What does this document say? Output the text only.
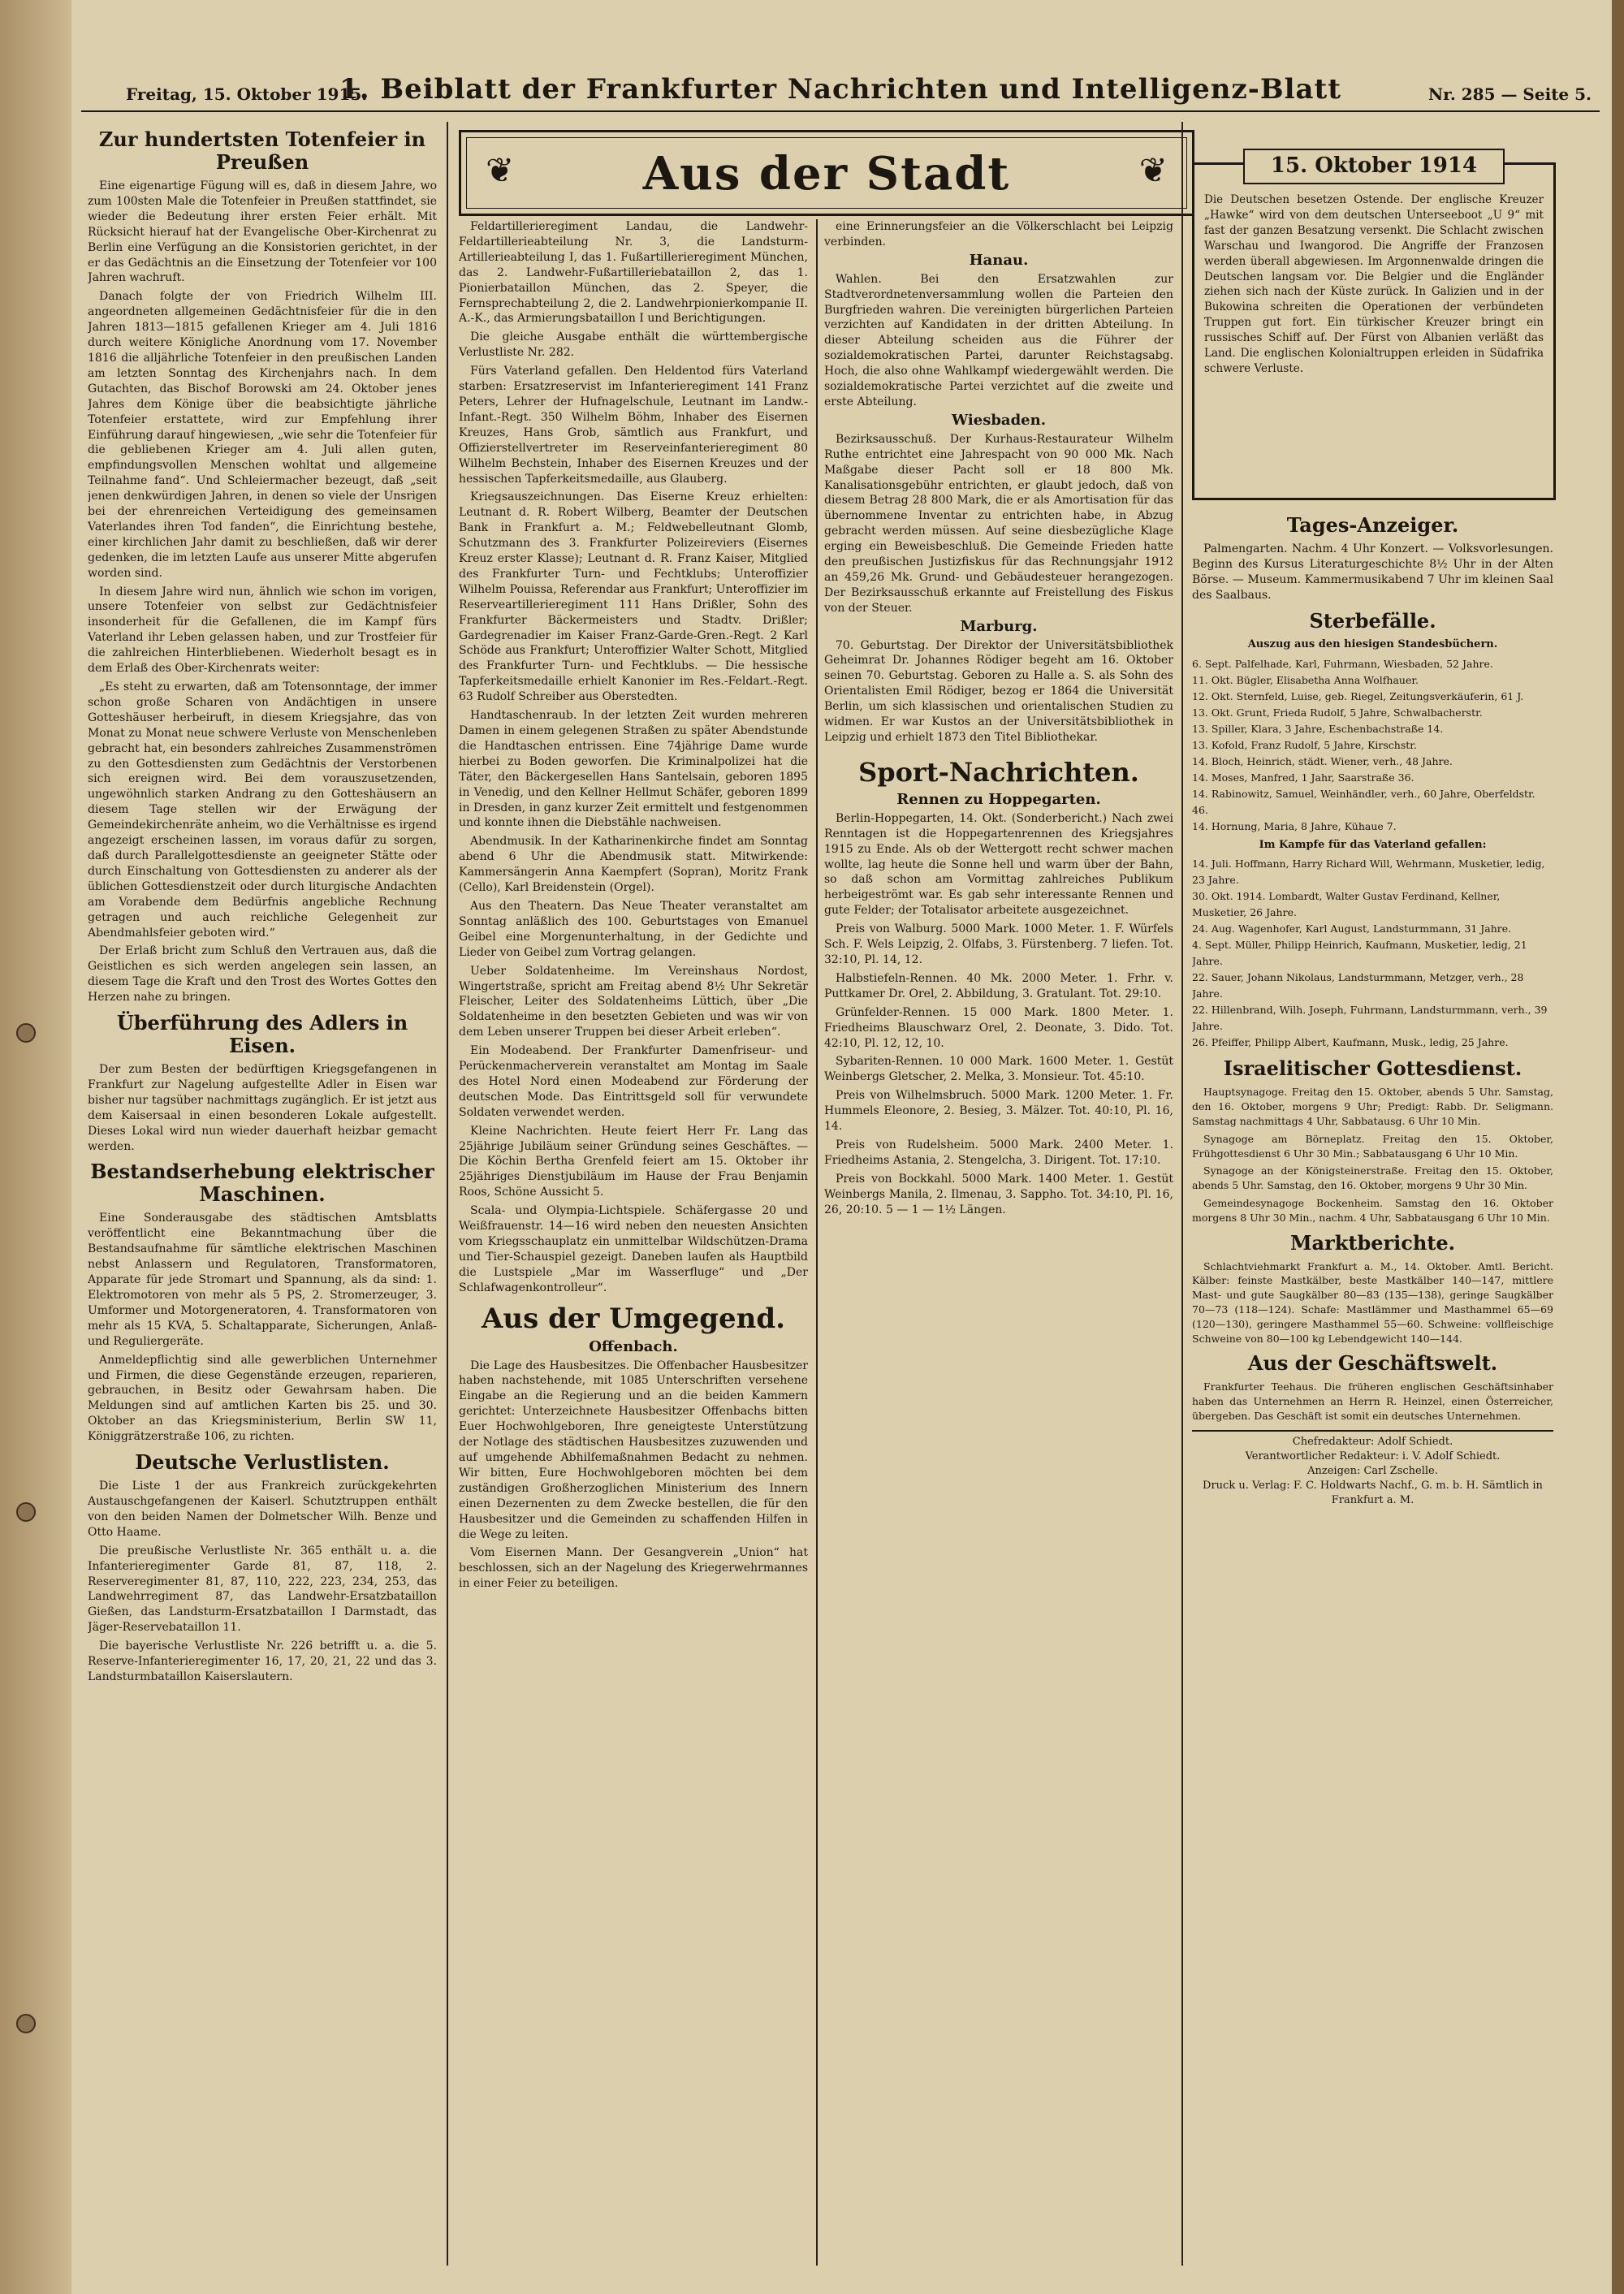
Freitag, 15. Oktober 1915.
1. Beiblatt der Frankfurter Nachrichten und Intelligenz-Blatt	Nr. 285 — Seite 5.
❦	Aus der Stadt	❦
Zur hundertsten Totenfeier in Preußen

Eine eigenartige Fügung will es, daß in diesem Jahre, wo zum 100sten Male die Totenfeier in Preußen stattfindet, sie wieder die Bedeutung ihrer ersten Feier erhält. Mit Rücksicht hierauf hat der Evangelische Ober-Kirchenrat zu Berlin eine Verfügung an die Konsistorien gerichtet, in der er das Gedächtnis an die Einsetzung der Totenfeier vor 100 Jahren wachruft.

Danach folgte der von Friedrich Wilhelm III. angeordneten allgemeinen Gedächtnisfeier für die in den Jahren 1813—1815 gefallenen Krieger am 4. Juli 1816 durch weitere Königliche Anordnung vom 17. November 1816 die alljährliche Totenfeier in den preußischen Landen am letzten Sonntag des Kirchenjahrs nach. In dem Gutachten, das Bischof Borowski am 24. Oktober jenes Jahres dem Könige über die beabsichtigte jährliche Totenfeier erstattete, wird zur Empfehlung ihrer Einführung darauf hingewiesen, „wie sehr die Totenfeier für die gebliebenen Krieger am 4. Juli allen guten, empfindungsvollen Menschen wohltat und allgemeine Teilnahme fand“. Und Schleiermacher bezeugt, daß „seit jenen denkwürdigen Jahren, in denen so viele der Unsrigen bei der ehrenreichen Verteidigung des gemeinsamen Vaterlandes ihren Tod fanden“, die Einrichtung bestehe, einer kirchlichen Jahr damit zu beschließen, daß wir derer gedenken, die im letzten Laufe aus unserer Mitte abgerufen worden sind.

In diesem Jahre wird nun, ähnlich wie schon im vorigen, unsere Totenfeier von selbst zur Gedächtnisfeier insonderheit für die Gefallenen, die im Kampf fürs Vaterland ihr Leben gelassen haben, und zur Trostfeier für die zahlreichen Hinterbliebenen. Wiederholt besagt es in dem Erlaß des Ober-Kirchenrats weiter:

„Es steht zu erwarten, daß am Totensonntage, der immer schon große Scharen von Andächtigen in unsere Gotteshäuser herbeiruft, in diesem Kriegsjahre, das von Monat zu Monat neue schwere Verluste von Menschenleben gebracht hat, ein besonders zahlreiches Zusammenströmen zu den Gottesdiensten zum Gedächtnis der Verstorbenen sich ereignen wird. Bei dem vorauszusetzenden, ungewöhnlich starken Andrang zu den Gotteshäusern an diesem Tage stellen wir der Erwägung der Gemeindekirchenräte anheim, wo die Verhältnisse es irgend angezeigt erscheinen lassen, im voraus dafür zu sorgen, daß durch Parallelgottesdienste an geeigneter Stätte oder durch Einschaltung von Gottesdiensten zu anderer als der üblichen Gottesdienstzeit oder durch liturgische Andachten am Vorabende dem Bedürfnis angebliche Rechnung getragen und auch reichliche Gelegenheit zur Abendmahlsfeier geboten wird.“

Der Erlaß bricht zum Schluß den Vertrauen aus, daß die Geistlichen es sich werden angelegen sein lassen, an diesem Tage die Kraft und den Trost des Wortes Gottes den Herzen nahe zu bringen.

Überführung des Adlers in Eisen.

Der zum Besten der bedürftigen Kriegsgefangenen in Frankfurt zur Nagelung aufgestellte Adler in Eisen war bisher nur tagsüber nachmittags zugänglich. Er ist jetzt aus dem Kaisersaal in einen besonderen Lokale aufgestellt. Dieses Lokal wird nun wieder dauerhaft heizbar gemacht werden.

Bestandserhebung elektrischer Maschinen.

Eine Sonderausgabe des städtischen Amtsblatts veröffentlicht eine Bekanntmachung über die Bestandsaufnahme für sämtliche elektrischen Maschinen nebst Anlassern und Regulatoren, Transformatoren, Apparate für jede Stromart und Spannung, als da sind: 1. Elektromotoren von mehr als 5 PS, 2. Stromerzeuger, 3. Umformer und Motorgeneratoren, 4. Transformatoren von mehr als 15 KVA, 5. Schaltapparate, Sicherungen, Anlaß- und Reguliergeräte.

Anmeldepflichtig sind alle gewerblichen Unternehmer und Firmen, die diese Gegenstände erzeugen, reparieren, gebrauchen, in Besitz oder Gewahrsam haben. Die Meldungen sind auf amtlichen Karten bis 25. und 30. Oktober an das Kriegsministerium, Berlin SW 11, Königgrätzerstraße 106, zu richten.

Deutsche Verlustlisten.

Die Liste 1 der aus Frankreich zurückgekehrten Austauschgefangenen der Kaiserl. Schutztruppen enthält von den beiden Namen der Dolmetscher Wilh. Benze und Otto Haame.

Die preußische Verlustliste Nr. 365 enthält u. a. die Infanterieregimenter Garde 81, 87, 118, 2. Reserveregimenter 81, 87, 110, 222, 223, 234, 253, das Landwehrregiment 87, das Landwehr-Ersatzbataillon Gießen, das Landsturm-Ersatzbataillon I Darmstadt, das Jäger-Reservebataillon 11.

Die bayerische Verlustliste Nr. 226 betrifft u. a. die 5. Reserve-Infanterieregimenter 16, 17, 20, 21, 22 und das 3. Landsturmbataillon Kaiserslautern.

Feldartillerieregiment Landau, die Landwehr-Feldartillerieabteilung Nr. 3, die Landsturm-Artillerieabteilung I, das 1. Fußartillerieregiment München, das 2. Landwehr-Fußartilleriebataillon 2, das 1. Pionierbataillon München, das 2. Speyer, die Fernsprechabteilung 2, die 2. Landwehrpionierkompanie II. A.-K., das Armierungsbataillon I und Berichtigungen.

Die gleiche Ausgabe enthält die württembergische Verlustliste Nr. 282.

Fürs Vaterland gefallen. Den Heldentod fürs Vaterland starben: Ersatzreservist im Infanterieregiment 141 Franz Peters, Lehrer der Hufnagelschule, Leutnant im Landw.-Infant.-Regt. 350 Wilhelm Böhm, Inhaber des Eisernen Kreuzes, Hans Grob, sämtlich aus Frankfurt, und Offizierstellvertreter im Reserveinfanterieregiment 80 Wilhelm Bechstein, Inhaber des Eisernen Kreuzes und der hessischen Tapferkeitsmedaille, aus Glauberg.

Kriegsauszeichnungen. Das Eiserne Kreuz erhielten: Leutnant d. R. Robert Wilberg, Beamter der Deutschen Bank in Frankfurt a. M.; Feldwebelleutnant Glomb, Schutzmann des 3. Frankfurter Polizeireviers (Eisernes Kreuz erster Klasse); Leutnant d. R. Franz Kaiser, Mitglied des Frankfurter Turn- und Fechtklubs; Unteroffizier Wilhelm Pouissa, Referendar aus Frankfurt; Unteroffizier im Reserveartillerieregiment 111 Hans Drißler, Sohn des Frankfurter Bäckermeisters und Stadtv. Drißler; Gardegrenadier im Kaiser Franz-Garde-Gren.-Regt. 2 Karl Schöde aus Frankfurt; Unteroffizier Walter Schott, Mitglied des Frankfurter Turn- und Fechtklubs. — Die hessische Tapferkeitsmedaille erhielt Kanonier im Res.-Feldart.-Regt. 63 Rudolf Schreiber aus Oberstedten.

Handtaschenraub. In der letzten Zeit wurden mehreren Damen in einem gelegenen Straßen zu später Abendstunde die Handtaschen entrissen. Eine 74jährige Dame wurde hierbei zu Boden geworfen. Die Kriminalpolizei hat die Täter, den Bäckergesellen Hans Santelsain, geboren 1895 in Venedig, und den Kellner Hellmut Schäfer, geboren 1899 in Dresden, in ganz kurzer Zeit ermittelt und festgenommen und konnte ihnen die Diebstähle nachweisen.

Abendmusik. In der Katharinenkirche findet am Sonntag abend 6 Uhr die Abendmusik statt. Mitwirkende: Kammersängerin Anna Kaempfert (Sopran), Moritz Frank (Cello), Karl Breidenstein (Orgel).

Aus den Theatern. Das Neue Theater veranstaltet am Sonntag anläßlich des 100. Geburtstages von Emanuel Geibel eine Morgenunterhaltung, in der Gedichte und Lieder von Geibel zum Vortrag gelangen.

Ueber Soldatenheime. Im Vereinshaus Nordost, Wingertstraße, spricht am Freitag abend 8½ Uhr Sekretär Fleischer, Leiter des Soldatenheims Lüttich, über „Die Soldatenheime in den besetzten Gebieten und was wir von dem Leben unserer Truppen bei dieser Arbeit erleben“.

Ein Modeabend. Der Frankfurter Damenfriseur- und Perückenmacherverein veranstaltet am Montag im Saale des Hotel Nord einen Modeabend zur Förderung der deutschen Mode. Das Eintrittsgeld soll für verwundete Soldaten verwendet werden.

Kleine Nachrichten. Heute feiert Herr Fr. Lang das 25jährige Jubiläum seiner Gründung seines Geschäftes. — Die Köchin Bertha Grenfeld feiert am 15. Oktober ihr 25jähriges Dienstjubiläum im Hause der Frau Benjamin Roos, Schöne Aussicht 5.

Scala- und Olympia-Lichtspiele. Schäfergasse 20 und Weißfrauenstr. 14—16 wird neben den neuesten Ansichten vom Kriegsschauplatz ein unmittelbar Wildschützen-Drama und Tier-Schauspiel gezeigt. Daneben laufen als Hauptbild die Lustspiele „Mar im Wasserfluge“ und „Der Schlafwagenkontrolleur“.

Aus der Umgegend.
Offenbach.

Die Lage des Hausbesitzes. Die Offenbacher Hausbesitzer haben nachstehende, mit 1085 Unterschriften versehene Eingabe an die Regierung und an die beiden Kammern gerichtet: Unterzeichnete Hausbesitzer Offenbachs bitten Euer Hochwohlgeboren, Ihre geneigteste Unterstützung der Notlage des städtischen Hausbesitzes zuzuwenden und auf umgehende Abhilfemaßnahmen Bedacht zu nehmen. Wir bitten, Eure Hochwohlgeboren möchten bei dem zuständigen Großherzoglichen Ministerium des Innern einen Dezernenten zu dem Zwecke bestellen, die für den Hausbesitzer und die Gemeinden zu schaffenden Hilfen in die Wege zu leiten.

Vom Eisernen Mann. Der Gesangverein „Union“ hat beschlossen, sich an der Nagelung des Kriegerwehrmannes in einer Feier zu beteiligen.

eine Erinnerungsfeier an die Völkerschlacht bei Leipzig verbinden.

Hanau.

Wahlen. Bei den Ersatzwahlen zur Stadtverordnetenversammlung wollen die Parteien den Burgfrieden wahren. Die vereinigten bürgerlichen Parteien verzichten auf Kandidaten in der dritten Abteilung. In dieser Abteilung scheiden aus die Führer der sozialdemokratischen Partei, darunter Reichstagsabg. Hoch, die also ohne Wahlkampf wiedergewählt werden. Die sozialdemokratische Partei verzichtet auf die zweite und erste Abteilung.

Wiesbaden.

Bezirksausschuß. Der Kurhaus-Restaurateur Wilhelm Ruthe entrichtet eine Jahrespacht von 90 000 Mk. Nach Maßgabe dieser Pacht soll er 18 800 Mk. Kanalisationsgebühr entrichten, er glaubt jedoch, daß von diesem Betrag 28 800 Mark, die er als Amortisation für das übernommene Inventar zu entrichten habe, in Abzug gebracht werden müssen. Auf seine diesbezügliche Klage erging ein Beweisbeschluß. Die Gemeinde Frieden hatte den preußischen Justizfiskus für das Rechnungsjahr 1912 an 459,26 Mk. Grund- und Gebäudesteuer herangezogen. Der Bezirksausschuß erkannte auf Freistellung des Fiskus von der Steuer.

Marburg.

70. Geburtstag. Der Direktor der Universitätsbibliothek Geheimrat Dr. Johannes Rödiger begeht am 16. Oktober seinen 70. Geburtstag. Geboren zu Halle a. S. als Sohn des Orientalisten Emil Rödiger, bezog er 1864 die Universität Berlin, um sich klassischen und orientalischen Studien zu widmen. Er war Kustos an der Universitätsbibliothek in Leipzig und erhielt 1873 den Titel Bibliothekar.

Sport-Nachrichten.
Rennen zu Hoppegarten.

Berlin-Hoppegarten, 14. Okt. (Sonderbericht.) Nach zwei Renntagen ist die Hoppegartenrennen des Kriegsjahres 1915 zu Ende. Als ob der Wettergott recht schwer machen wollte, lag heute die Sonne hell und warm über der Bahn, so daß schon am Vormittag zahlreiches Publikum herbeigeströmt war. Es gab sehr interessante Rennen und gute Felder; der Totalisator arbeitete ausgezeichnet.

Preis von Walburg. 5000 Mark. 1000 Meter. 1. F. Würfels Sch. F. Wels Leipzig, 2. Olfabs, 3. Fürstenberg. 7 liefen. Tot. 32:10, Pl. 14, 12.

Halbstiefeln-Rennen. 40 Mk. 2000 Meter. 1. Frhr. v. Puttkamer Dr. Orel, 2. Abbildung, 3. Gratulant. Tot. 29:10.

Grünfelder-Rennen. 15 000 Mark. 1800 Meter. 1. Friedheims Blauschwarz Orel, 2. Deonate, 3. Dido. Tot. 42:10, Pl. 12, 12, 10.

Sybariten-Rennen. 10 000 Mark. 1600 Meter. 1. Gestüt Weinbergs Gletscher, 2. Melka, 3. Monsieur. Tot. 45:10.

Preis von Wilhelmsbruch. 5000 Mark. 1200 Meter. 1. Fr. Hummels Eleonore, 2. Besieg, 3. Mälzer. Tot. 40:10, Pl. 16, 14.

Preis von Rudelsheim. 5000 Mark. 2400 Meter. 1. Friedheims Astania, 2. Stengelcha, 3. Dirigent. Tot. 17:10.

Preis von Bockkahl. 5000 Mark. 1400 Meter. 1. Gestüt Weinbergs Manila, 2. Ilmenau, 3. Sappho. Tot. 34:10, Pl. 16, 26, 20:10. 5 — 1 — 1½ Längen.

15. Oktober 1914
Die Deutschen besetzen Ostende. Der englische Kreuzer „Hawke“ wird von dem deutschen Unterseeboot „U 9“ mit fast der ganzen Besatzung versenkt. Die Schlacht zwischen Warschau und Iwangorod. Die Angriffe der Franzosen werden überall abgewiesen. Im Argonnenwalde dringen die Deutschen langsam vor. Die Belgier und die Engländer ziehen sich nach der Küste zurück. In Galizien und in der Bukowina schreiten die Operationen der verbündeten Truppen gut fort. Ein türkischer Kreuzer bringt ein russisches Schiff auf. Der Fürst von Albanien verläßt das Land. Die englischen Kolonialtruppen erleiden in Südafrika schwere Verluste.
Tages-Anzeiger.

Palmengarten. Nachm. 4 Uhr Konzert. — Volksvorlesungen. Beginn des Kursus Literaturgeschichte 8½ Uhr in der Alten Börse. — Museum. Kammermusikabend 7 Uhr im kleinen Saal des Saalbaus.

Sterbefälle.
Auszug aus den hiesigen Standesbüchern.
6. Sept. Palfelhade, Karl, Fuhrmann, Wiesbaden, 52 Jahre.
11. Okt. Bügler, Elisabetha Anna Wolfhauer.
12. Okt. Sternfeld, Luise, geb. Riegel, Zeitungsverkäuferin, 61 J.
13. Okt. Grunt, Frieda Rudolf, 5 Jahre, Schwalbacherstr.
13. Spiller, Klara, 3 Jahre, Eschenbachstraße 14.
13. Kofold, Franz Rudolf, 5 Jahre, Kirschstr.
14. Bloch, Heinrich, städt. Wiener, verh., 48 Jahre.
14. Moses, Manfred, 1 Jahr, Saarstraße 36.
14. Rabinowitz, Samuel, Weinhändler, verh., 60 Jahre, Oberfeldstr. 46.
14. Hornung, Maria, 8 Jahre, Kühaue 7.
Im Kampfe für das Vaterland gefallen:
14. Juli. Hoffmann, Harry Richard Will, Wehrmann, Musketier, ledig, 23 Jahre.
30. Okt. 1914. Lombardt, Walter Gustav Ferdinand, Kellner, Musketier, 26 Jahre.
24. Aug. Wagenhofer, Karl August, Landsturmmann, 31 Jahre.
4. Sept. Müller, Philipp Heinrich, Kaufmann, Musketier, ledig, 21 Jahre.
22. Sauer, Johann Nikolaus, Landsturmmann, Metzger, verh., 28 Jahre.
22. Hillenbrand, Wilh. Joseph, Fuhrmann, Landsturmmann, verh., 39 Jahre.
26. Pfeiffer, Philipp Albert, Kaufmann, Musk., ledig, 25 Jahre.
Israelitischer Gottesdienst.

Hauptsynagoge. Freitag den 15. Oktober, abends 5 Uhr. Samstag, den 16. Oktober, morgens 9 Uhr; Predigt: Rabb. Dr. Seligmann. Samstag nachmittags 4 Uhr, Sabbatausg. 6 Uhr 10 Min.

Synagoge am Börneplatz. Freitag den 15. Oktober, Frühgottesdienst 6 Uhr 30 Min.; Sabbatausgang 6 Uhr 10 Min.

Synagoge an der Königsteinerstraße. Freitag den 15. Oktober, abends 5 Uhr. Samstag, den 16. Oktober, morgens 9 Uhr 30 Min.

Gemeindesynagoge Bockenheim. Samstag den 16. Oktober morgens 8 Uhr 30 Min., nachm. 4 Uhr, Sabbatausgang 6 Uhr 10 Min.

Marktberichte.

Schlachtviehmarkt Frankfurt a. M., 14. Oktober. Amtl. Bericht. Kälber: feinste Mastkälber, beste Mastkälber 140—147, mittlere Mast- und gute Saugkälber 80—83 (135—138), geringe Saugkälber 70—73 (118—124). Schafe: Mastlämmer und Masthammel 65—69 (120—130), geringere Masthammel 55—60. Schweine: vollfleischige Schweine von 80—100 kg Lebendgewicht 140—144.

Aus der Geschäftswelt.

Frankfurter Teehaus. Die früheren englischen Geschäftsinhaber haben das Unternehmen an Herrn R. Heinzel, einen Österreicher, übergeben. Das Geschäft ist somit ein deutsches Unternehmen.

Chefredakteur: Adolf Schiedt.
Verantwortlicher Redakteur: i. V. Adolf Schiedt.
Anzeigen: Carl Zschelle.
Druck u. Verlag: F. C. Holdwarts Nachf., G. m. b. H. Sämtlich in Frankfurt a. M.
